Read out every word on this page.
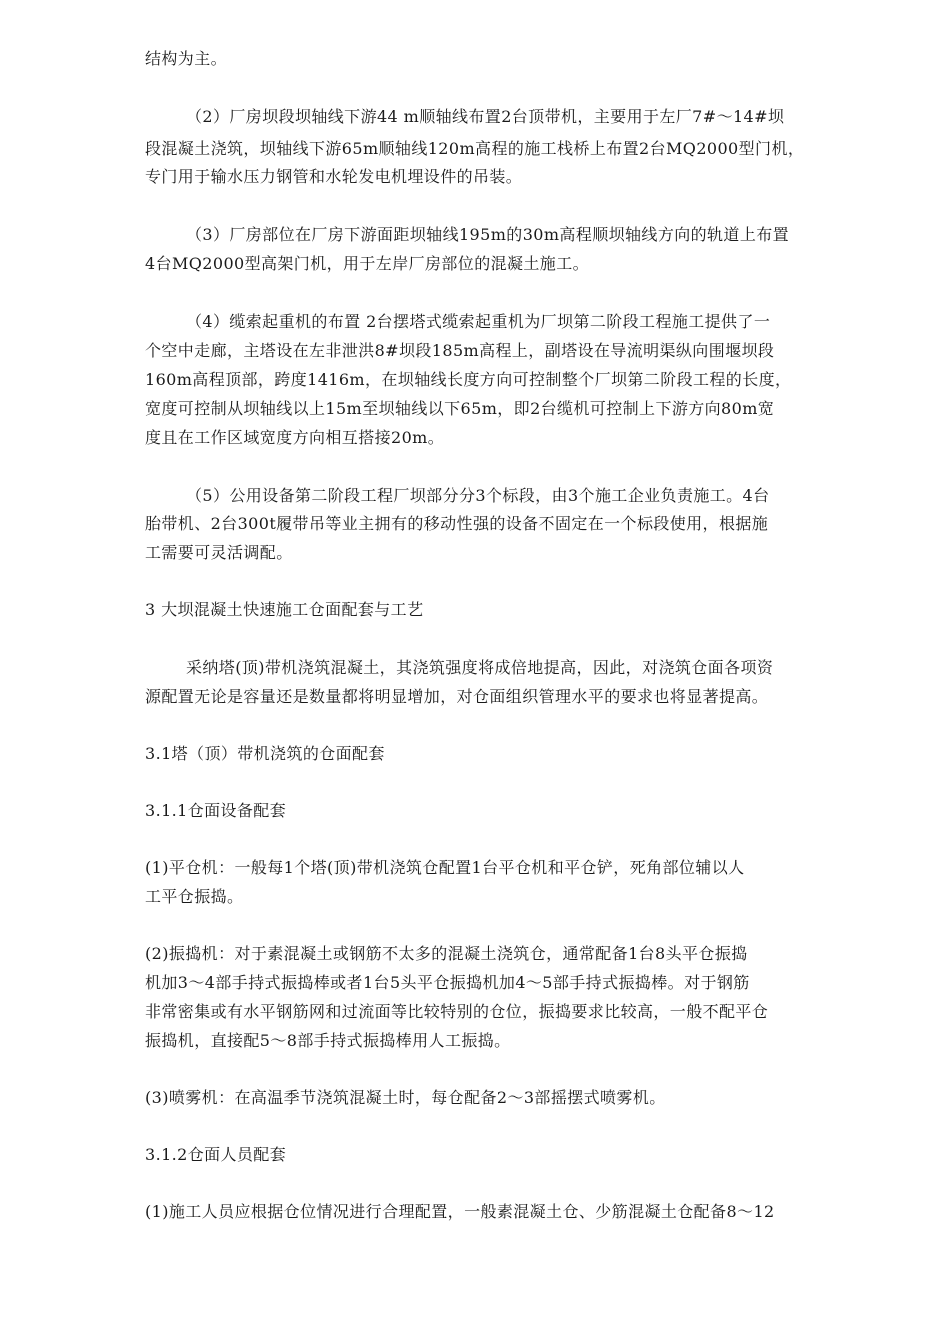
结构为主。
（2）厂房坝段坝轴线下游44 m顺轴线布置2台顶带机，主要用于左厂7#～14#坝
段混凝土浇筑，坝轴线下游65m顺轴线120m高程的施工栈桥上布置2台MQ2000型门机，
专门用于输水压力钢管和水轮发电机埋设件的吊装。
（3）厂房部位在厂房下游面距坝轴线195m的30m高程顺坝轴线方向的轨道上布置
4台MQ2000型高架门机，用于左岸厂房部位的混凝土施工。
（4）缆索起重机的布置 2台摆塔式缆索起重机为厂坝第二阶段工程施工提供了一
个空中走廊，主塔设在左非泄洪8#坝段185m高程上，副塔设在导流明渠纵向围堰坝段
160m高程顶部，跨度1416m，在坝轴线长度方向可控制整个厂坝第二阶段工程的长度，
宽度可控制从坝轴线以上15m至坝轴线以下65m，即2台缆机可控制上下游方向80m宽
度且在工作区域宽度方向相互搭接20m。
（5）公用设备第二阶段工程厂坝部分分3个标段，由3个施工企业负责施工。4台
胎带机、2台300t履带吊等业主拥有的移动性强的设备不固定在一个标段使用，根据施
工需要可灵活调配。
3 大坝混凝土快速施工仓面配套与工艺
采纳塔(顶)带机浇筑混凝土，其浇筑强度将成倍地提高，因此，对浇筑仓面各项资
源配置无论是容量还是数量都将明显增加，对仓面组织管理水平的要求也将显著提高。
3.1塔（顶）带机浇筑的仓面配套
3.1.1仓面设备配套
(1)平仓机：一般每1个塔(顶)带机浇筑仓配置1台平仓机和平仓铲，死角部位辅以人
工平仓振捣。
(2)振捣机：对于素混凝土或钢筋不太多的混凝土浇筑仓，通常配备1台8头平仓振捣
机加3～4部手持式振捣棒或者1台5头平仓振捣机加4～5部手持式振捣棒。对于钢筋
非常密集或有水平钢筋网和过流面等比较特别的仓位，振捣要求比较高，一般不配平仓
振捣机，直接配5～8部手持式振捣棒用人工振捣。
(3)喷雾机：在高温季节浇筑混凝土时，每仓配备2～3部摇摆式喷雾机。
3.1.2仓面人员配套
(1)施工人员应根据仓位情况进行合理配置，一般素混凝土仓、少筋混凝土仓配备8～12
